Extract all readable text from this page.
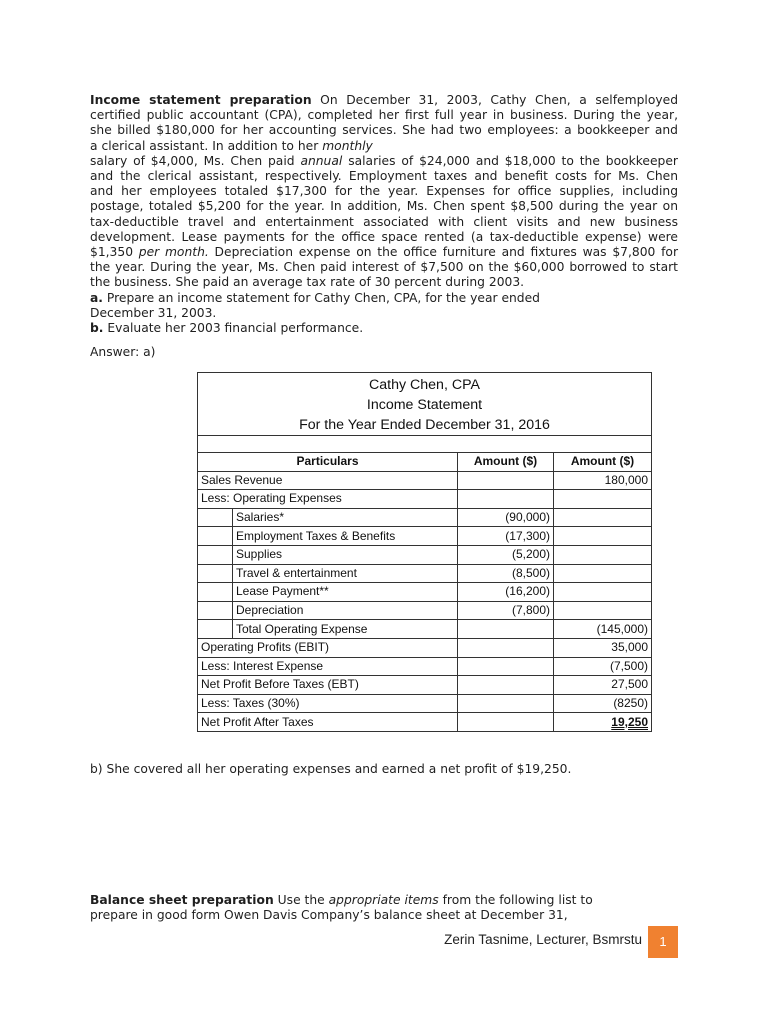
Income statement preparation On December 31, 2003, Cathy Chen, a selfemployed
certified public accountant (CPA), completed her first full year in business. During the year,
she billed $180,000 for her accounting services. She had two employees: a bookkeeper and
a clerical assistant. In addition to her monthly
salary of $4,000, Ms. Chen paid annual salaries of $24,000 and $18,000 to the bookkeeper
and the clerical assistant, respectively. Employment taxes and benefit costs for Ms. Chen
and her employees totaled $17,300 for the year. Expenses for office supplies, including
postage, totaled $5,200 for the year. In addition, Ms. Chen spent $8,500 during the year on
tax-deductible travel and entertainment associated with client visits and new business
development. Lease payments for the office space rented (a tax-deductible expense) were
$1,350 per month. Depreciation expense on the office furniture and fixtures was $7,800 for
the year. During the year, Ms. Chen paid interest of $7,500 on the $60,000 borrowed to start
the business. She paid an average tax rate of 30 percent during 2003.
a. Prepare an income statement for Cathy Chen, CPA, for the year ended
December 31, 2003.
b. Evaluate her 2003 financial performance.

Answer: a)

Cathy Chen, CPA
Income Statement
For the Year Ended December 31, 2016			

Particulars		Amount ($)	Amount ($)
Sales Revenue			180,000
Less: Operating Expenses			
	Salaries*	(90,000)	
	Employment Taxes & Benefits	(17,300)	
	Supplies	(5,200)	
	Travel & entertainment	(8,500)	
	Lease Payment**	(16,200)	
	Depreciation	(7,800)	
	Total Operating Expense		(145,000)
Operating Profits (EBIT)			35,000
Less: Interest Expense			(7,500)
Net Profit Before Taxes (EBT)			27,500
Less: Taxes (30%)			(8250)
Net Profit After Taxes			19,250

b) She covered all her operating expenses and earned a net profit of $19,250.

Balance sheet preparation Use the appropriate items from the following list to
prepare in good form Owen Davis Company’s balance sheet at December 31,
Zerin Tasnime, Lecturer, Bsmrstu	1
